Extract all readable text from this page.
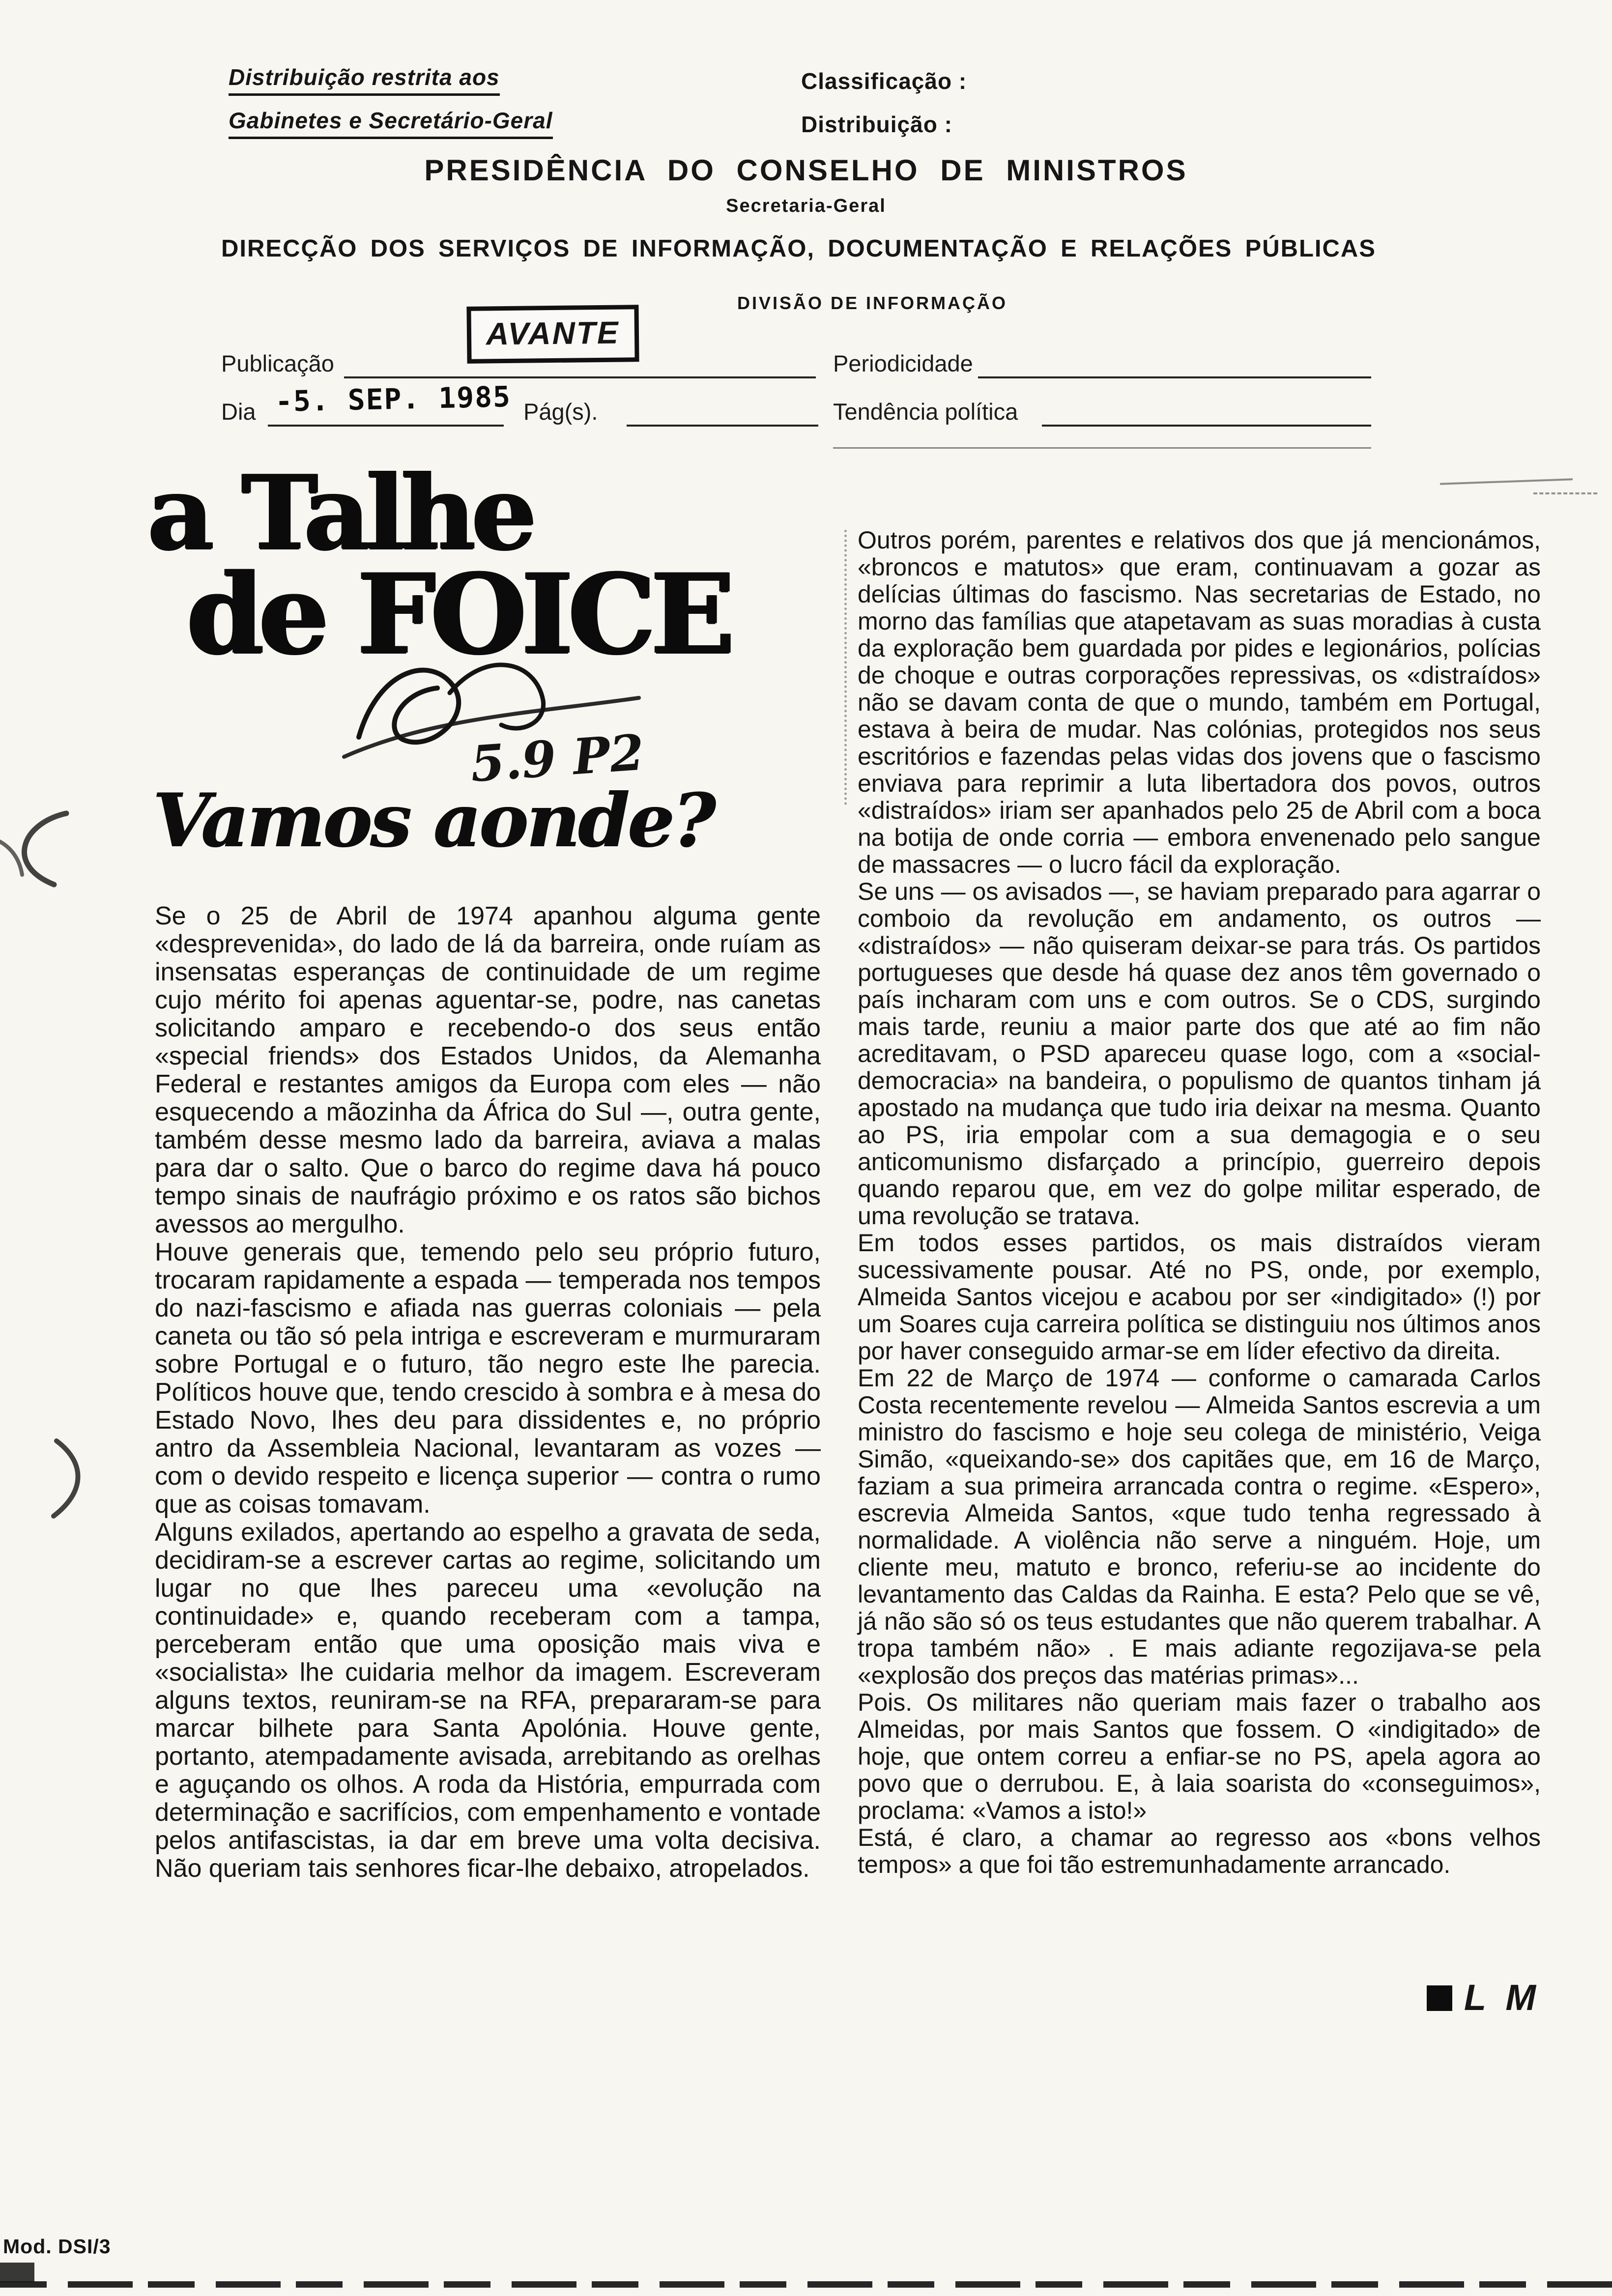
Distribuição restrita aos
Gabinetes e Secretário-Geral
Classificação :
Distribuição :
PRESIDÊNCIA DO CONSELHO DE MINISTROS
Secretaria-Geral
DIRECÇÃO DOS SERVIÇOS DE INFORMAÇÃO, DOCUMENTAÇÃO E RELAÇÕES PÚBLICAS
DIVISÃO DE INFORMAÇÃO
AVANTE
Publicação	Periodicidade
Dia -5. SEP. 1985 Pág(s).	Tendência política
a Talhe
de FOICE
5.9 P2
Vamos aonde?

Se o 25 de Abril de 1974 apanhou alguma gente «desprevenida», do lado de lá da barreira, onde ruíam as insensatas esperanças de continuidade de um regime cujo mérito foi apenas aguentar-se, podre, nas canetas solicitando amparo e recebendo-o dos seus então «special friends» dos Estados Unidos, da Alemanha Federal e restantes amigos da Europa com eles — não esquecendo a mãozinha da África do Sul —, outra gente, também desse mesmo lado da barreira, aviava a malas para dar o salto. Que o barco do regime dava há pouco tempo sinais de naufrágio próximo e os ratos são bichos avessos ao mergulho.

Houve generais que, temendo pelo seu próprio futuro, trocaram rapidamente a espada — temperada nos tempos do nazi-fascismo e afiada nas guerras coloniais — pela caneta ou tão só pela intriga e escreveram e murmuraram sobre Portugal e o futuro, tão negro este lhe parecia. Políticos houve que, tendo crescido à sombra e à mesa do Estado Novo, lhes deu para dissidentes e, no próprio antro da Assembleia Nacional, levantaram as vozes — com o devido respeito e licença superior — contra o rumo que as coisas tomavam.

Alguns exilados, apertando ao espelho a gravata de seda, decidiram-se a escrever cartas ao regime, solicitando um lugar no que lhes pareceu uma «evolução na continuidade» e, quando receberam com a tampa, perceberam então que uma oposição mais viva e «socialista» lhe cuidaria melhor da imagem. Escreveram alguns textos, reuniram-se na RFA, prepararam-se para marcar bilhete para Santa Apolónia. Houve gente, portanto, atempadamente avisada, arrebitando as orelhas e aguçando os olhos. A roda da História, empurrada com determinação e sacrifícios, com empenhamento e vontade pelos antifascistas, ia dar em breve uma volta decisiva. Não queriam tais senhores ficar-lhe debaixo, atropelados.

Outros porém, parentes e relativos dos que já mencionámos, «broncos e matutos» que eram, continuavam a gozar as delícias últimas do fascismo. Nas secretarias de Estado, no morno das famílias que atapetavam as suas moradias à custa da exploração bem guardada por pides e legionários, polícias de choque e outras corporações repressivas, os «distraídos» não se davam conta de que o mundo, também em Portugal, estava à beira de mudar. Nas colónias, protegidos nos seus escritórios e fazendas pelas vidas dos jovens que o fascismo enviava para reprimir a luta libertadora dos povos, outros «distraídos» iriam ser apanhados pelo 25 de Abril com a boca na botija de onde corria — embora envenenado pelo sangue de massacres — o lucro fácil da exploração.

Se uns — os avisados —, se haviam preparado para agarrar o comboio da revolução em andamento, os outros — «distraídos» — não quiseram deixar-se para trás. Os partidos portugueses que desde há quase dez anos têm governado o país incharam com uns e com outros. Se o CDS, surgindo mais tarde, reuniu a maior parte dos que até ao fim não acreditavam, o PSD apareceu quase logo, com a «social-democracia» na bandeira, o populismo de quantos tinham já apostado na mudança que tudo iria deixar na mesma. Quanto ao PS, iria empolar com a sua demagogia e o seu anticomunismo disfarçado a princípio, guerreiro depois quando reparou que, em vez do golpe militar esperado, de uma revolução se tratava.

Em todos esses partidos, os mais distraídos vieram sucessivamente pousar. Até no PS, onde, por exemplo, Almeida Santos vicejou e acabou por ser «indigitado» (!) por um Soares cuja carreira política se distinguiu nos últimos anos por haver conseguido armar-se em líder efectivo da direita.

Em 22 de Março de 1974 — conforme o camarada Carlos Costa recentemente revelou — Almeida Santos escrevia a um ministro do fascismo e hoje seu colega de ministério, Veiga Simão, «queixando-se» dos capitães que, em 16 de Março, faziam a sua primeira arrancada contra o regime. «Espero», escrevia Almeida Santos, «que tudo tenha regressado à normalidade. A violência não serve a ninguém. Hoje, um cliente meu, matuto e bronco, referiu-se ao incidente do levantamento das Caldas da Rainha. E esta? Pelo que se vê, já não são só os teus estudantes que não querem trabalhar. A tropa também não» . E mais adiante regozijava-se pela «explosão dos preços das matérias primas»...

Pois. Os militares não queriam mais fazer o trabalho aos Almeidas, por mais Santos que fossem. O «indigitado» de hoje, que ontem correu a enfiar-se no PS, apela agora ao povo que o derrubou. E, à laia soarista do «conseguimos», proclama: «Vamos a isto!»

Está, é claro, a chamar ao regresso aos «bons velhos tempos» a que foi tão estremunhadamente arrancado.

L M
Mod. DSI/3
